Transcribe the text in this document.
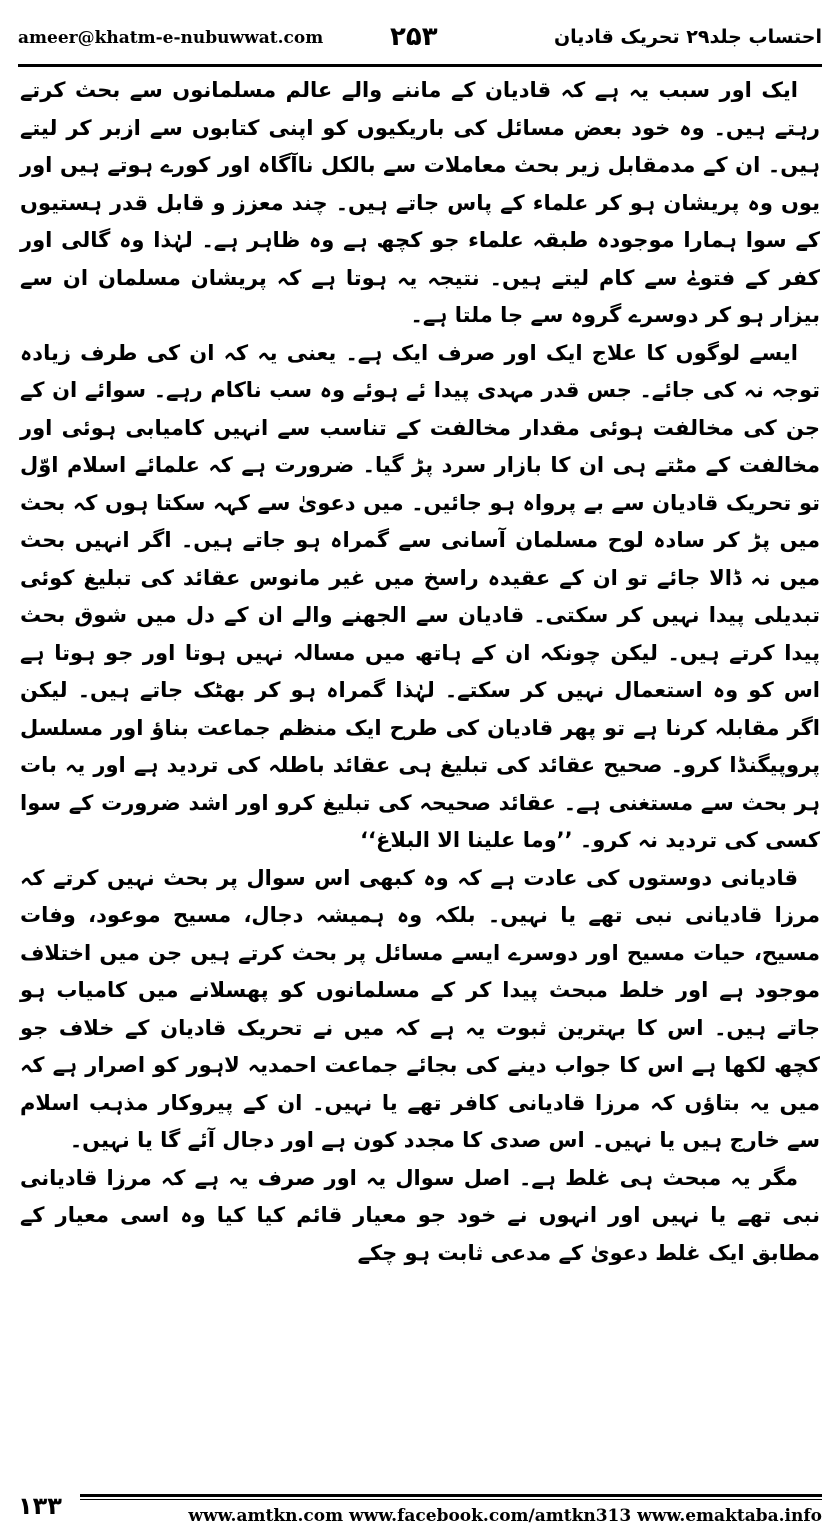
ameer@khatm-e-nubuwwat.com	۲۵۳	احتساب جلد۲۹ تحریک قادیان

ایک اور سبب یہ ہے کہ قادیان کے ماننے والے عالم مسلمانوں سے بحث کرتے رہتے ہیں۔ وہ خود بعض مسائل کی باریکیوں کو اپنی کتابوں سے ازبر کر لیتے ہیں۔ ان کے مدمقابل زیر بحث معاملات سے بالکل ناآگاہ اور کورے ہوتے ہیں اور یوں وہ پریشان ہو کر علماء کے پاس جاتے ہیں۔ چند معزز و قابل قدر ہستیوں کے سوا ہمارا موجودہ طبقہ علماء جو کچھ ہے وہ ظاہر ہے۔ لہٰذا وہ گالی اور کفر کے فتوےٰ سے کام لیتے ہیں۔ نتیجہ یہ ہوتا ہے کہ پریشان مسلمان ان سے بیزار ہو کر دوسرے گروہ سے جا ملتا ہے۔

ایسے لوگوں کا علاج ایک اور صرف ایک ہے۔ یعنی یہ کہ ان کی طرف زیادہ توجہ نہ کی جائے۔ جس قدر مہدی پیدا ئے ہوئے وہ سب ناکام رہے۔ سوائے ان کے جن کی مخالفت ہوئی مقدار مخالفت کے تناسب سے انہیں کامیابی ہوئی اور مخالفت کے مٹتے ہی ان کا بازار سرد پڑ گیا۔ ضرورت ہے کہ علمائے اسلام اوّل تو تحریک قادیان سے بے پرواہ ہو جائیں۔ میں دعویٰ سے کہہ سکتا ہوں کہ بحث میں پڑ کر سادہ لوح مسلمان آسانی سے گمراہ ہو جاتے ہیں۔ اگر انہیں بحث میں نہ ڈالا جائے تو ان کے عقیدہ راسخ میں غیر مانوس عقائد کی تبلیغ کوئی تبدیلی پیدا نہیں کر سکتی۔ قادیان سے الجھنے والے ان کے دل میں شوق بحث پیدا کرتے ہیں۔ لیکن چونکہ ان کے ہاتھ میں مسالہ نہیں ہوتا اور جو ہوتا ہے اس کو وہ استعمال نہیں کر سکتے۔ لہٰذا گمراہ ہو کر بھٹک جاتے ہیں۔ لیکن اگر مقابلہ کرنا ہے تو پھر قادیان کی طرح ایک منظم جماعت بناؤ اور مسلسل پروپیگنڈا کرو۔ صحیح عقائد کی تبلیغ ہی عقائد باطلہ کی تردید ہے اور یہ بات ہر بحث سے مستغنی ہے۔ عقائد صحیحہ کی تبلیغ کرو اور اشد ضرورت کے سوا کسی کی تردید نہ کرو۔ ’’وما علینا الا البلاغ‘‘

قادیانی دوستوں کی عادت ہے کہ وہ کبھی اس سوال پر بحث نہیں کرتے کہ مرزا قادیانی نبی تھے یا نہیں۔ بلکہ وہ ہمیشہ دجال، مسیح موعود، وفات مسیح، حیات مسیح اور دوسرے ایسے مسائل پر بحث کرتے ہیں جن میں اختلاف موجود ہے اور خلط مبحث پیدا کر کے مسلمانوں کو پھسلانے میں کامیاب ہو جاتے ہیں۔ اس کا بہترین ثبوت یہ ہے کہ میں نے تحریک قادیان کے خلاف جو کچھ لکھا ہے اس کا جواب دینے کی بجائے جماعت احمدیہ لاہور کو اصرار ہے کہ میں یہ بتاؤں کہ مرزا قادیانی کافر تھے یا نہیں۔ ان کے پیروکار مذہب اسلام سے خارج ہیں یا نہیں۔ اس صدی کا مجدد کون ہے اور دجال آئے گا یا نہیں۔

مگر یہ مبحث ہی غلط ہے۔ اصل سوال یہ اور صرف یہ ہے کہ مرزا قادیانی نبی تھے یا نہیں اور انہوں نے خود جو معیار قائم کیا کیا وہ اسی معیار کے مطابق ایک غلط دعویٰ کے مدعی ثابت ہو چکے

۱۳۳	www.amtkn.com www.facebook.com/amtkn313 www.emaktaba.info
